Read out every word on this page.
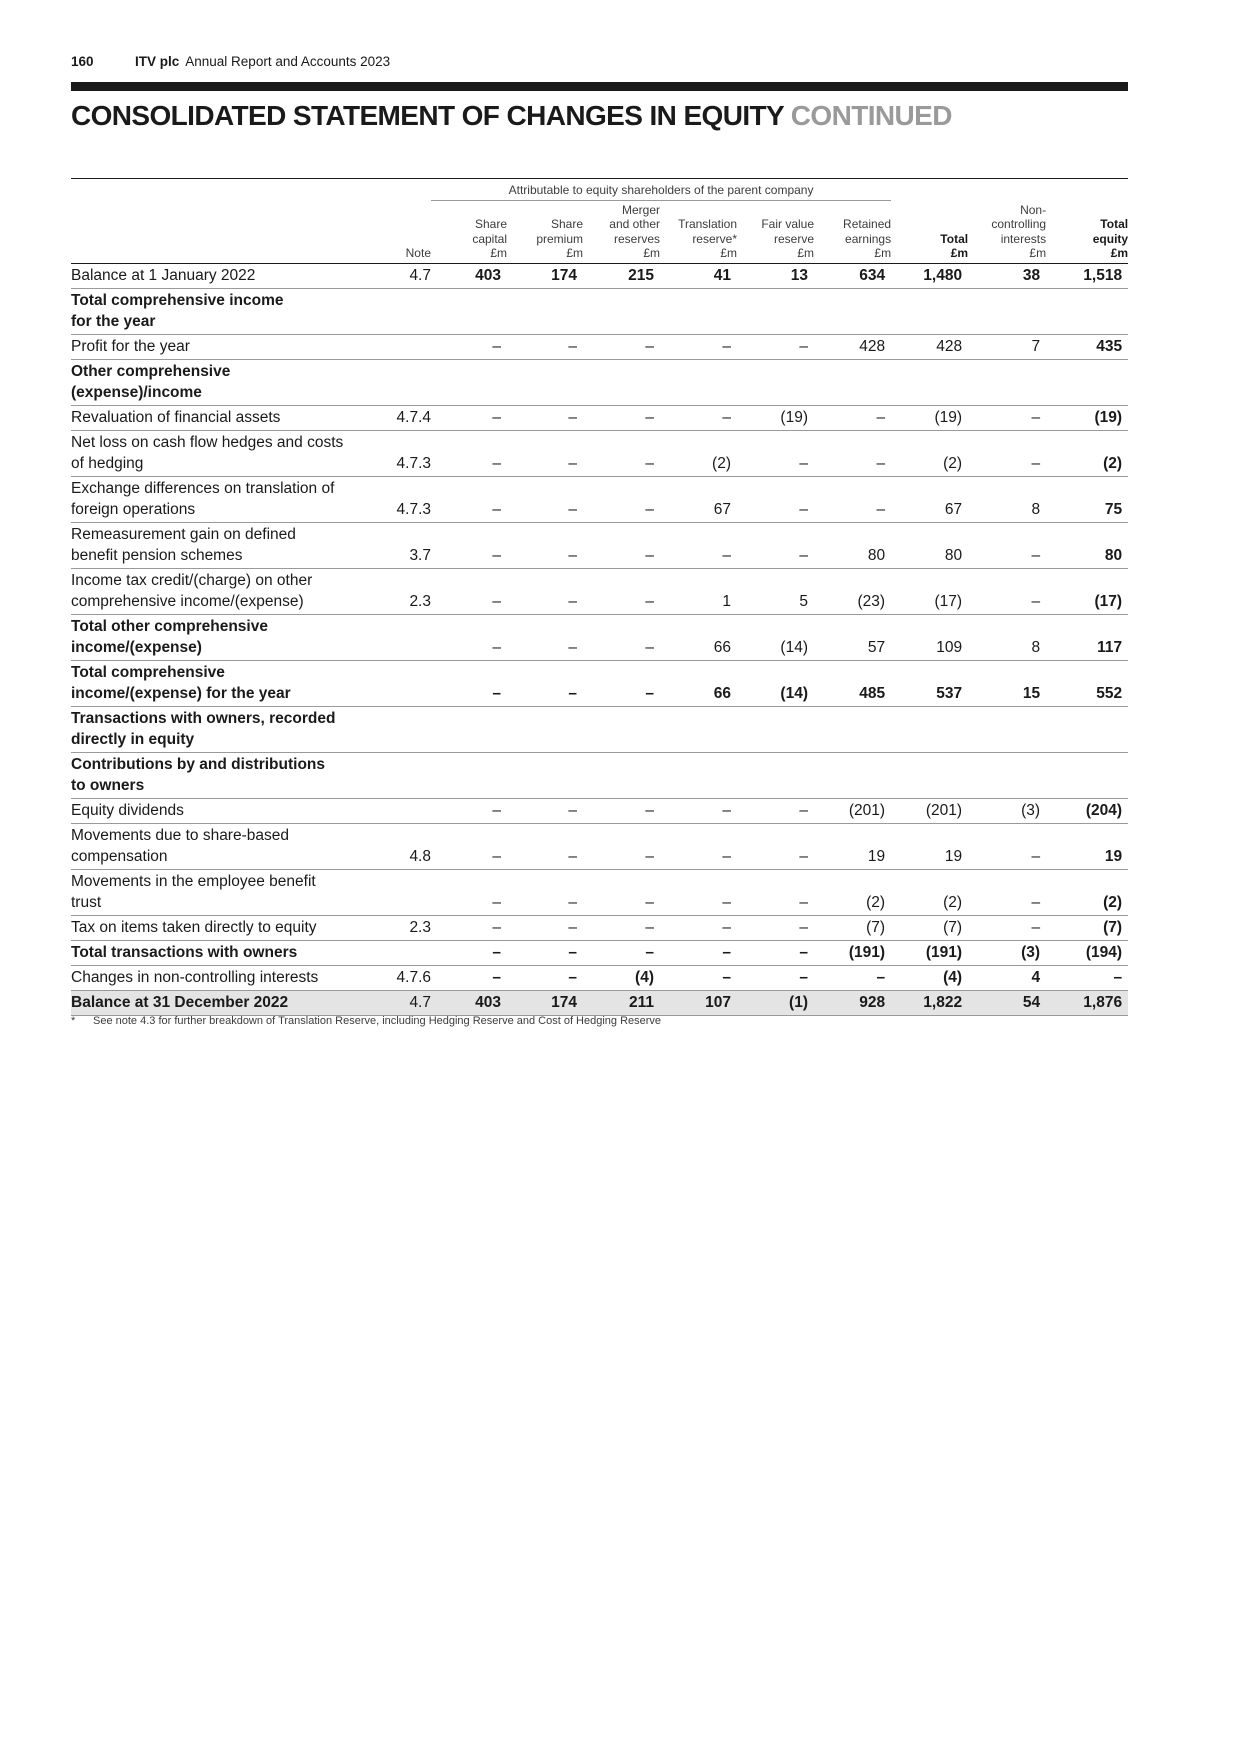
160	ITV plc Annual Report and Accounts 2023
CONSOLIDATED STATEMENT OF CHANGES IN EQUITY CONTINUED
		Attributable to equity shareholders of the parent company								
	Note	Share
capital
£m	Share
premium
£m	Merger
and other
reserves
£m	Translation
reserve*
£m	Fair value
reserve
£m	Retained
earnings
£m	Total
£m	Non-
controlling
interests
£m	Total
equity
£m
Balance at 1 January 2022	4.7	403	174	215	41	13	634	1,480	38	1,518
Total comprehensive income
for the year										
Profit for the year		–	–	–	–	–	428	428	7	435
Other comprehensive
(expense)/income										
Revaluation of financial assets	4.7.4	–	–	–	–	(19)	–	(19)	–	(19)
Net loss on cash flow hedges and costs
of hedging	4.7.3	–	–	–	(2)	–	–	(2)	–	(2)
Exchange differences on translation of
foreign operations	4.7.3	–	–	–	67	–	–	67	8	75
Remeasurement gain on defined
benefit pension schemes	3.7	–	–	–	–	–	80	80	–	80
Income tax credit/(charge) on other
comprehensive income/(expense)	2.3	–	–	–	1	5	(23)	(17)	–	(17)
Total other comprehensive
income/(expense)		–	–	–	66	(14)	57	109	8	117
Total comprehensive
income/(expense) for the year		–	–	–	66	(14)	485	537	15	552
Transactions with owners, recorded
directly in equity										
Contributions by and distributions
to owners										
Equity dividends		–	–	–	–	–	(201)	(201)	(3)	(204)
Movements due to share-based
compensation	4.8	–	–	–	–	–	19	19	–	19
Movements in the employee benefit
trust		–	–	–	–	–	(2)	(2)	–	(2)
Tax on items taken directly to equity	2.3	–	–	–	–	–	(7)	(7)	–	(7)
Total transactions with owners		–	–	–	–	–	(191)	(191)	(3)	(194)
Changes in non-controlling interests	4.7.6	–	–	(4)	–	–	–	(4)	4	–
Balance at 31 December 2022	4.7	403	174	211	107	(1)	928	1,822	54	1,876
* See note 4.3 for further breakdown of Translation Reserve, including Hedging Reserve and Cost of Hedging Reserve
